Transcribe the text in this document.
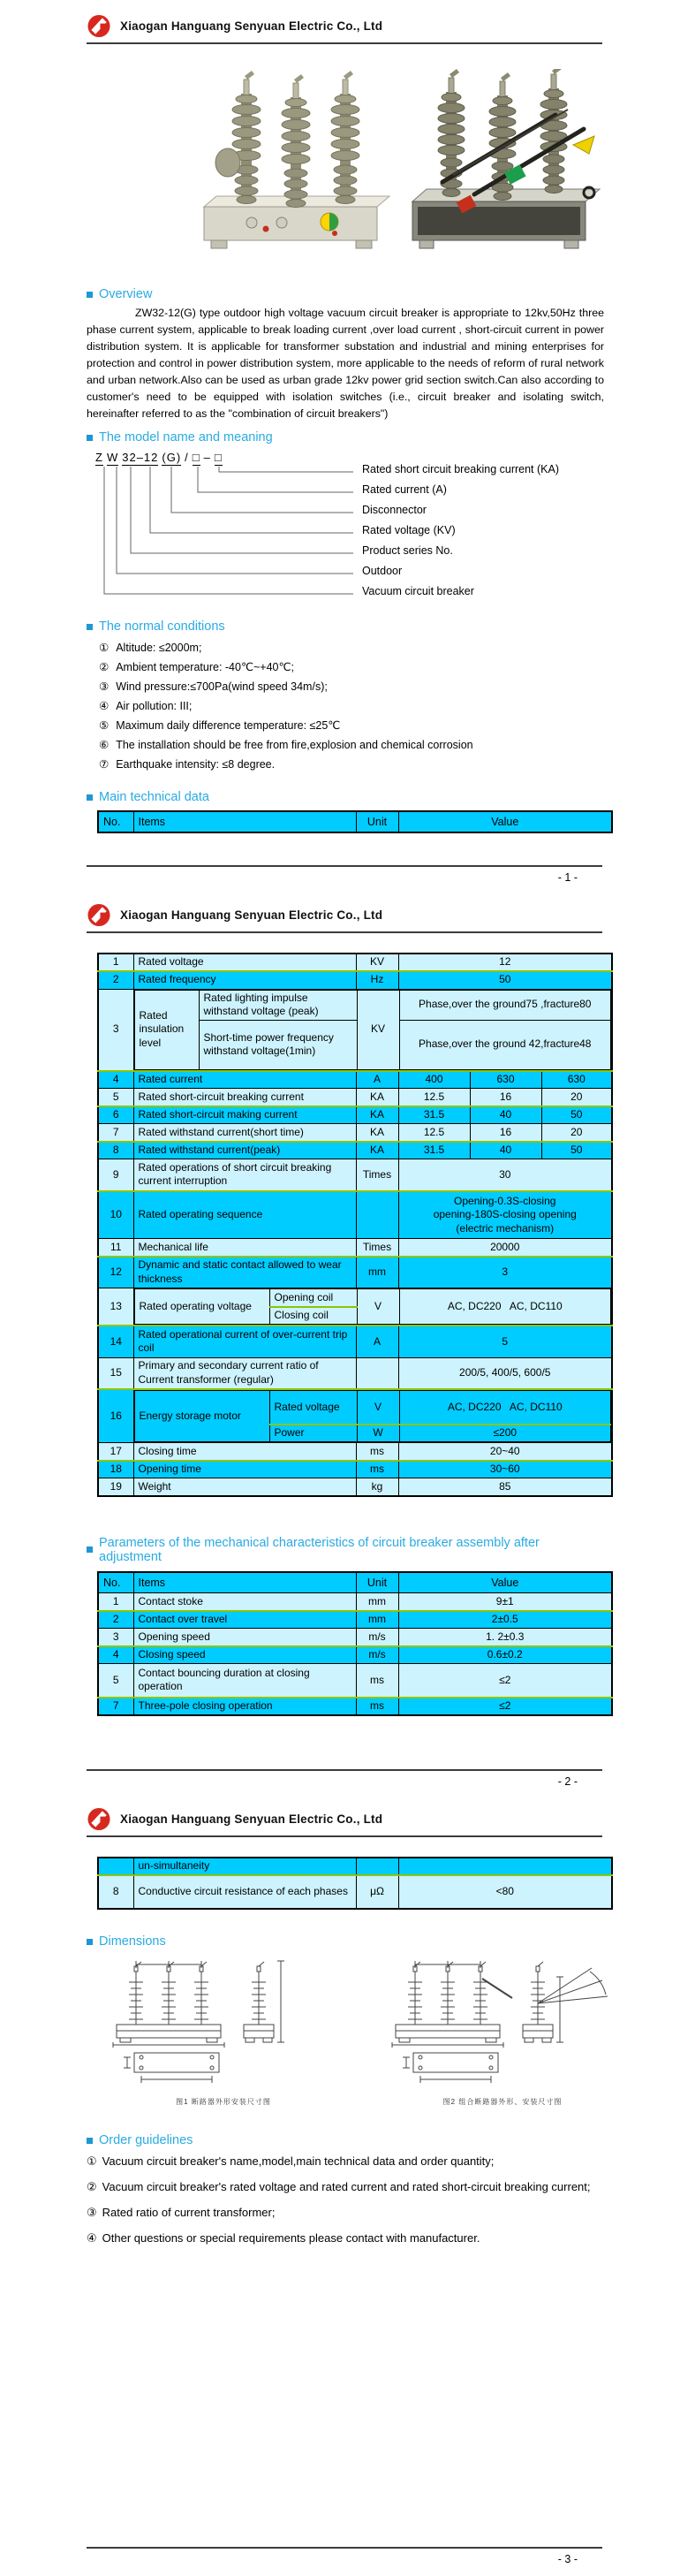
Xiaogan Hanguang Senyuan Electric Co., Ltd
Overview

ZW32-12(G) type outdoor high voltage vacuum circuit breaker is appropriate to 12kv,50Hz three phase current system, applicable to break loading current ,over load current , short-circuit current in power distribution system. It is applicable for transformer substation and industrial and mining enterprises for protection and control in power distribution system, more applicable to the needs of reform of rural network and urban network.Also can be used as urban grade 12kv power grid section switch.Can also according to customer's need to be equipped with isolation switches (i.e., circuit breaker and isolating switch, hereinafter referred to as the "combination of circuit breakers")

The model name and meaning
Z W 32–12 (G) / □ – □
Rated short circuit breaking current (KA)
Rated current (A)
Disconnector
Rated voltage (KV)
Product series No.
Outdoor
Vacuum circuit breaker
The normal conditions
① Altitude: ≤2000m;
② Ambient temperature: -40℃~+40℃;
③ Wind pressure:≤700Pa(wind speed 34m/s);
④ Air pollution: III;
⑤ Maximum daily difference temperature: ≤25℃
⑥ The installation should be free from fire,explosion and chemical corrosion
⑦ Earthquake intensity: ≤8 degree.
Main technical data
No.	Items	Unit	Value
- 1 -
Xiaogan Hanguang Senyuan Electric Co., Ltd
1	Rated voltage	KV	12
2	Rated frequency	Hz	50
3	
Rated insulation level	Rated lighting impulse withstand voltage (peak)	KV	Phase,over the ground75 ,fracture80
Short-time power frequency withstand voltage(1min)	Phase,over the ground 42,fracture48

4	Rated current	A	400	630	630
5	Rated short-circuit breaking current	KA	12.5	16	20
6	Rated short-circuit making current	KA	31.5	40	50
7	Rated withstand current(short time)	KA	12.5	16	20
8	Rated withstand current(peak)	KA	31.5	40	50
9	Rated operations of short circuit breaking current interruption	Times	30
10	Rated operating sequence		Opening-0.3S-closing
opening-180S-closing opening
(electric mechanism)
11	Mechanical life	Times	20000
12	Dynamic and static contact allowed to wear thickness	mm	3
13	Rated operating voltage	Opening coil	V	AC, DC220   AC, DC110
Closing coil

14	Rated operational current of over-current trip coil	A	5
15	Primary and secondary current ratio of Current transformer (regular)		200/5, 400/5, 600/5
16	Energy storage motor	Rated voltage	V	AC, DC220   AC, DC110
Power	W	≤200

17	Closing time	ms	20~40
18	Opening time	ms	30~60
19	Weight	kg	85
Parameters of the mechanical characteristics of circuit breaker assembly after adjustment
No.	Items	Unit	Value
1	Contact stoke	mm	9±1
2	Contact over travel	mm	2±0.5
3	Opening speed	m/s	1. 2±0.3
4	Closing speed	m/s	0.6±0.2
5	Contact bouncing duration at closing operation	ms	≤2
7	Three-pole closing operation	ms	≤2
- 2 -
Xiaogan Hanguang Senyuan Electric Co., Ltd
	un-simultaneity		
8	Conductive circuit resistance of each phases	μΩ	<80
Dimensions
图1 断路器外形安装尺寸图	图2 组合断路器外形、安装尺寸图
Order guidelines
① Vacuum circuit breaker's name,model,main technical data and order quantity;
② Vacuum circuit breaker's rated voltage and rated current and rated short-circuit breaking current;
③ Rated ratio of current transformer;
④ Other questions or special requirements please contact with manufacturer.
- 3 -
